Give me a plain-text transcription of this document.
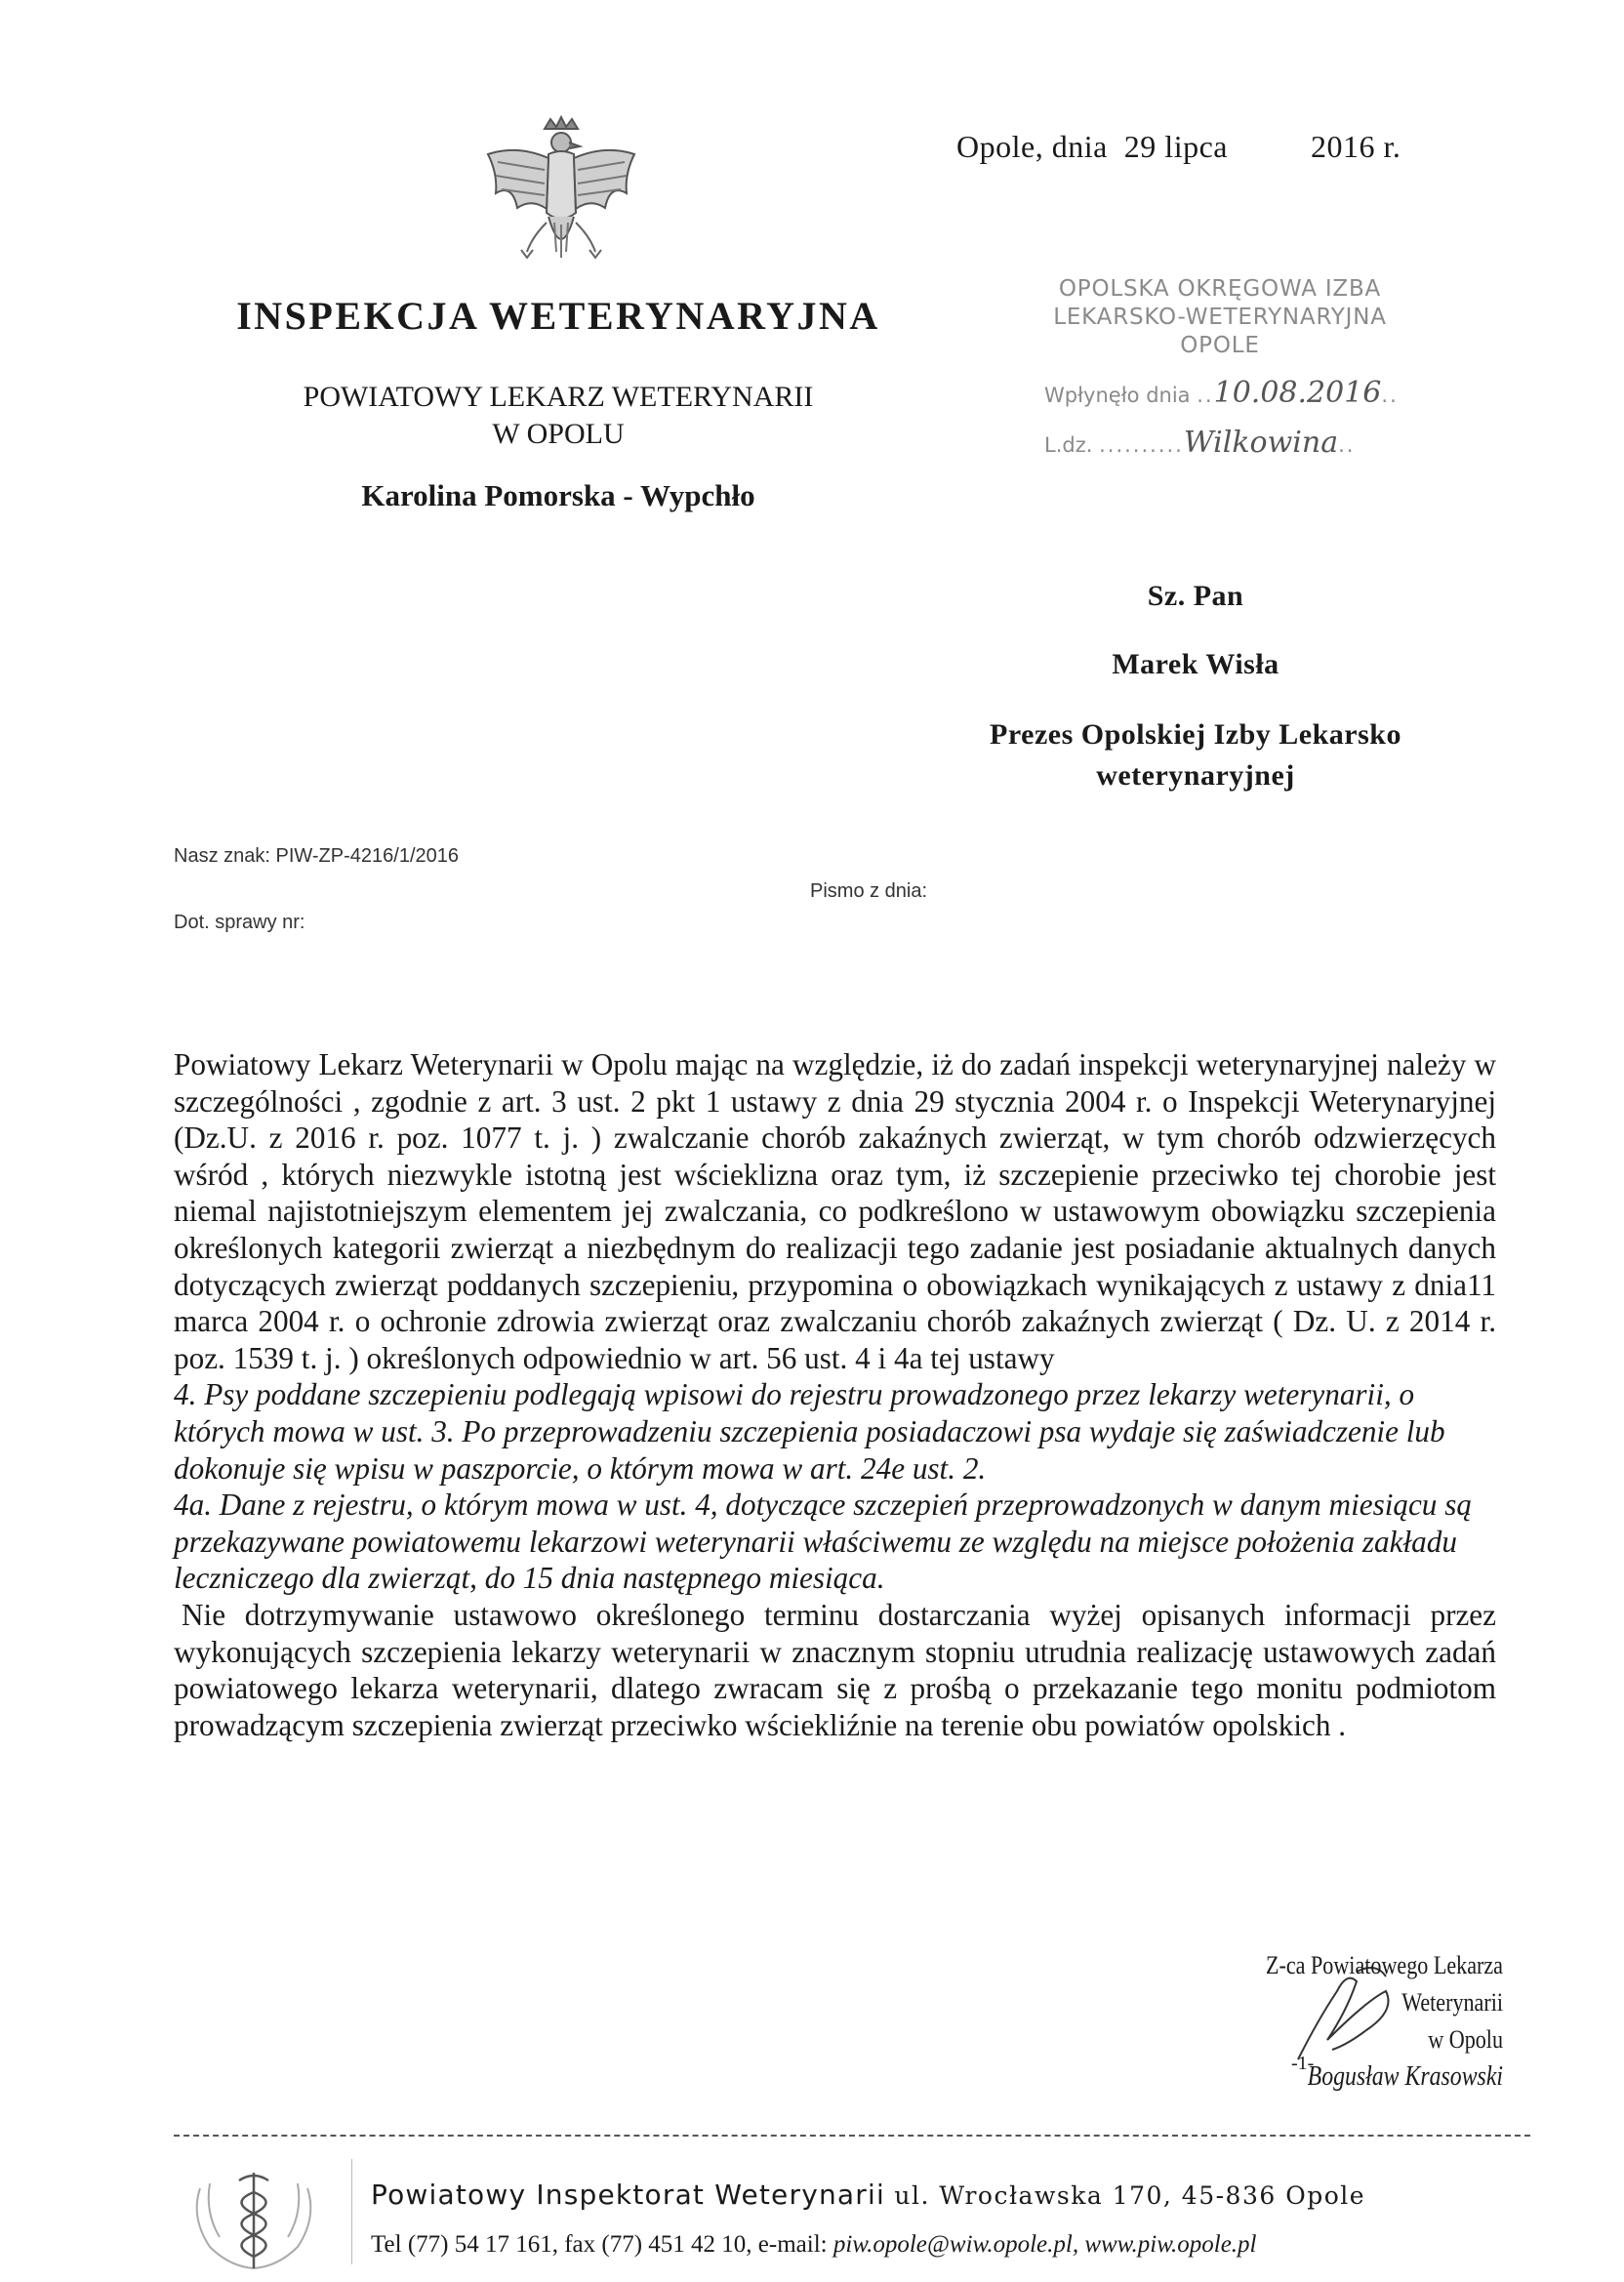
Opole, dnia  29 lipca          2016 r.
INSPEKCJA WETERYNARYJNA
POWIATOWY LEKARZ WETERYNARII
W OPOLU
Karolina Pomorska - Wypchło
OPOLSKA OKRĘGOWA IZBA
LEKARSKO-WETERYNARYJNA
OPOLE
Wpłynęło dnia ..10.08.2016..
L.dz. ..........Wilkowina..
Sz. Pan
Marek Wisła
Prezes Opolskiej Izby Lekarsko
weterynaryjnej
Nasz znak: PIW-ZP-4216/1/2016
Pismo z dnia:
Dot. sprawy nr:

Powiatowy Lekarz Weterynarii w Opolu mając na względzie, iż do zadań inspekcji weterynaryjnej należy w szczególności , zgodnie z art. 3 ust. 2 pkt 1 ustawy z dnia 29 stycznia 2004 r. o Inspekcji Weterynaryjnej (Dz.U. z 2016 r. poz. 1077 t. j. ) zwalczanie chorób zakaźnych zwierząt, w tym chorób odzwierzęcych wśród , których niezwykle istotną jest wścieklizna oraz tym, iż szczepienie przeciwko tej chorobie jest niemal najistotniejszym elementem jej zwalczania, co podkreślono w ustawowym obowiązku szczepienia określonych kategorii zwierząt a niezbędnym do realizacji tego zadanie jest posiadanie aktualnych danych dotyczących zwierząt poddanych szczepieniu, przypomina o obowiązkach wynikających z ustawy z dnia11 marca 2004 r. o ochronie zdrowia zwierząt oraz zwalczaniu chorób zakaźnych zwierząt ( Dz. U. z 2014 r. poz. 1539 t. j. ) określonych odpowiednio w art. 56 ust. 4 i 4a tej ustawy

4. Psy poddane szczepieniu podlegają wpisowi do rejestru prowadzonego przez lekarzy weterynarii, o których mowa w ust. 3. Po przeprowadzeniu szczepienia posiadaczowi psa wydaje się zaświadczenie lub dokonuje się wpisu w paszporcie, o którym mowa w art. 24e ust. 2.

4a. Dane z rejestru, o którym mowa w ust. 4, dotyczące szczepień przeprowadzonych w danym miesiącu są przekazywane powiatowemu lekarzowi weterynarii właściwemu ze względu na miejsce położenia zakładu leczniczego dla zwierząt, do 15 dnia następnego miesiąca.

Nie dotrzymywanie ustawowo określonego terminu dostarczania wyżej opisanych informacji przez wykonujących szczepienia lekarzy weterynarii w znacznym stopniu utrudnia realizację ustawowych zadań powiatowego lekarza weterynarii, dlatego zwracam się z prośbą o przekazanie tego monitu podmiotom prowadzącym szczepienia zwierząt przeciwko wściekliźnie na terenie obu powiatów opolskich .

Z-ca Powiatowego Lekarza Weterynarii
w Opolu
Bogusław Krasowski
-1-
Powiatowy Inspektorat Weterynarii ul. Wrocławska 170, 45-836 Opole
Tel (77) 54 17 161, fax (77) 451 42 10, e-mail: piw.opole@wiw.opole.pl, www.piw.opole.pl
